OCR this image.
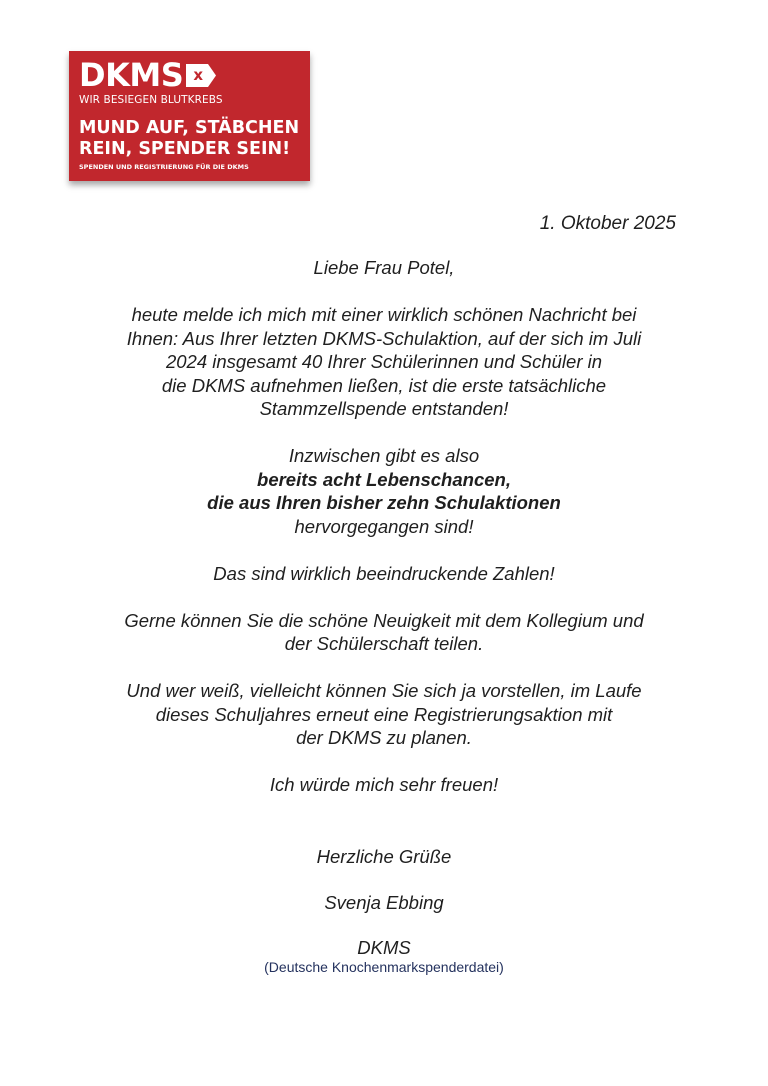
DKMS x
WIR BESIEGEN BLUTKREBS
MUND AUF, STÄBCHEN
REIN, SPENDER SEIN!
SPENDEN UND REGISTRIERUNG FÜR DIE DKMS
1. Oktober 2025

Liebe Frau Potel,

heute melde ich mich mit einer wirklich schönen Nachricht bei
Ihnen: Aus Ihrer letzten DKMS-Schulaktion, auf der sich im Juli
2024 insgesamt 40 Ihrer Schülerinnen und Schüler in
die DKMS aufnehmen ließen, ist die erste tatsächliche
Stammzellspende entstanden!

Inzwischen gibt es also
bereits acht Lebenschancen,
die aus Ihren bisher zehn Schulaktionen
hervorgegangen sind!

Das sind wirklich beeindruckende Zahlen!

Gerne können Sie die schöne Neuigkeit mit dem Kollegium und
der Schülerschaft teilen.

Und wer weiß, vielleicht können Sie sich ja vorstellen, im Laufe
dieses Schuljahres erneut eine Registrierungsaktion mit
der DKMS zu planen.

Ich würde mich sehr freuen!

Herzliche Grüße

Svenja Ebbing

DKMS

(Deutsche Knochenmarkspenderdatei)
